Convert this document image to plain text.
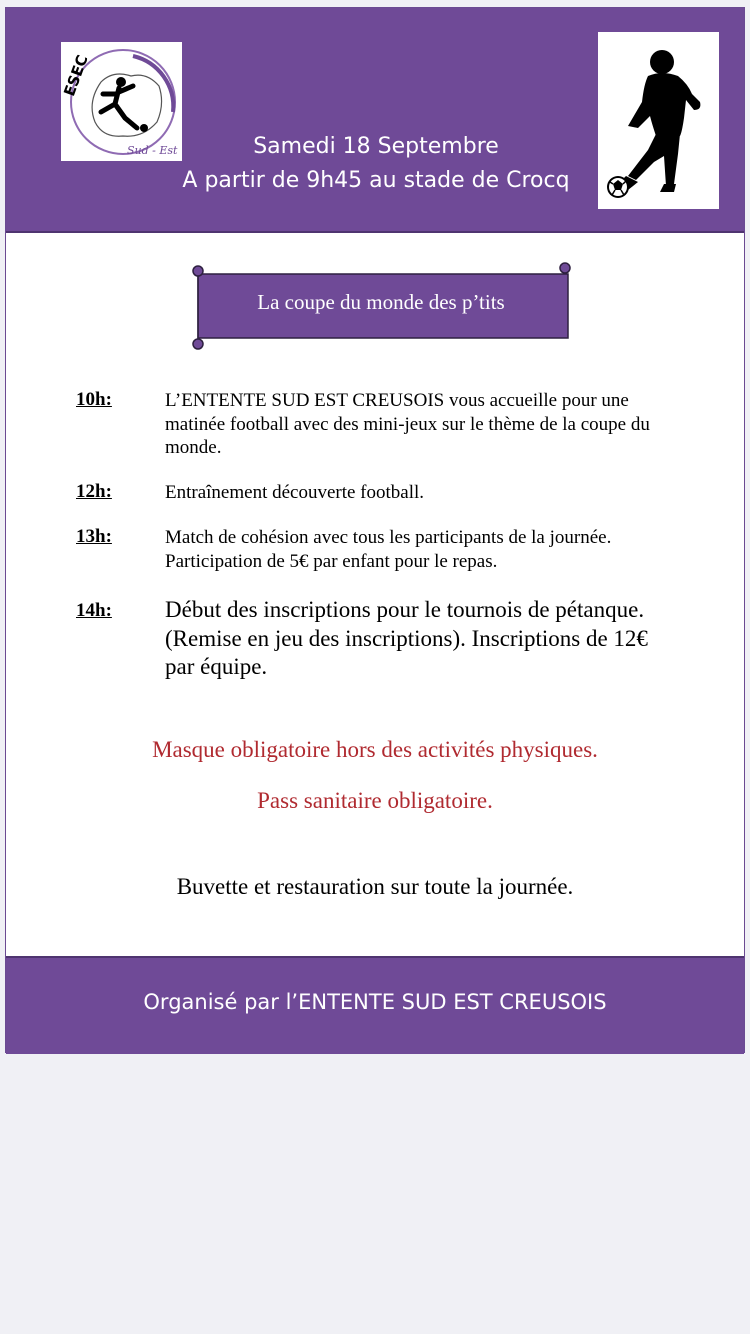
ESEC
Sud - Est	Samedi 18 Septembre
A partir de 9h45 au stade de Crocq
La coupe du monde des p’tits
10h:	L’ENTENTE SUD EST CREUSOIS vous accueille pour une matinée football avec des mini-jeux sur le thème de la coupe du monde.
12h:	Entraînement découverte football.
13h:	Match de cohésion avec tous les participants de la journée. Participation de 5€ par enfant pour le repas.
14h: Début des inscriptions pour le tournois de pétanque. (Remise en jeu des inscriptions). Inscriptions de 12€ par équipe.
Masque obligatoire hors des activités physiques.
Pass sanitaire obligatoire.
Buvette et restauration sur toute la journée.
Organisé par l’ENTENTE SUD EST CREUSOIS
